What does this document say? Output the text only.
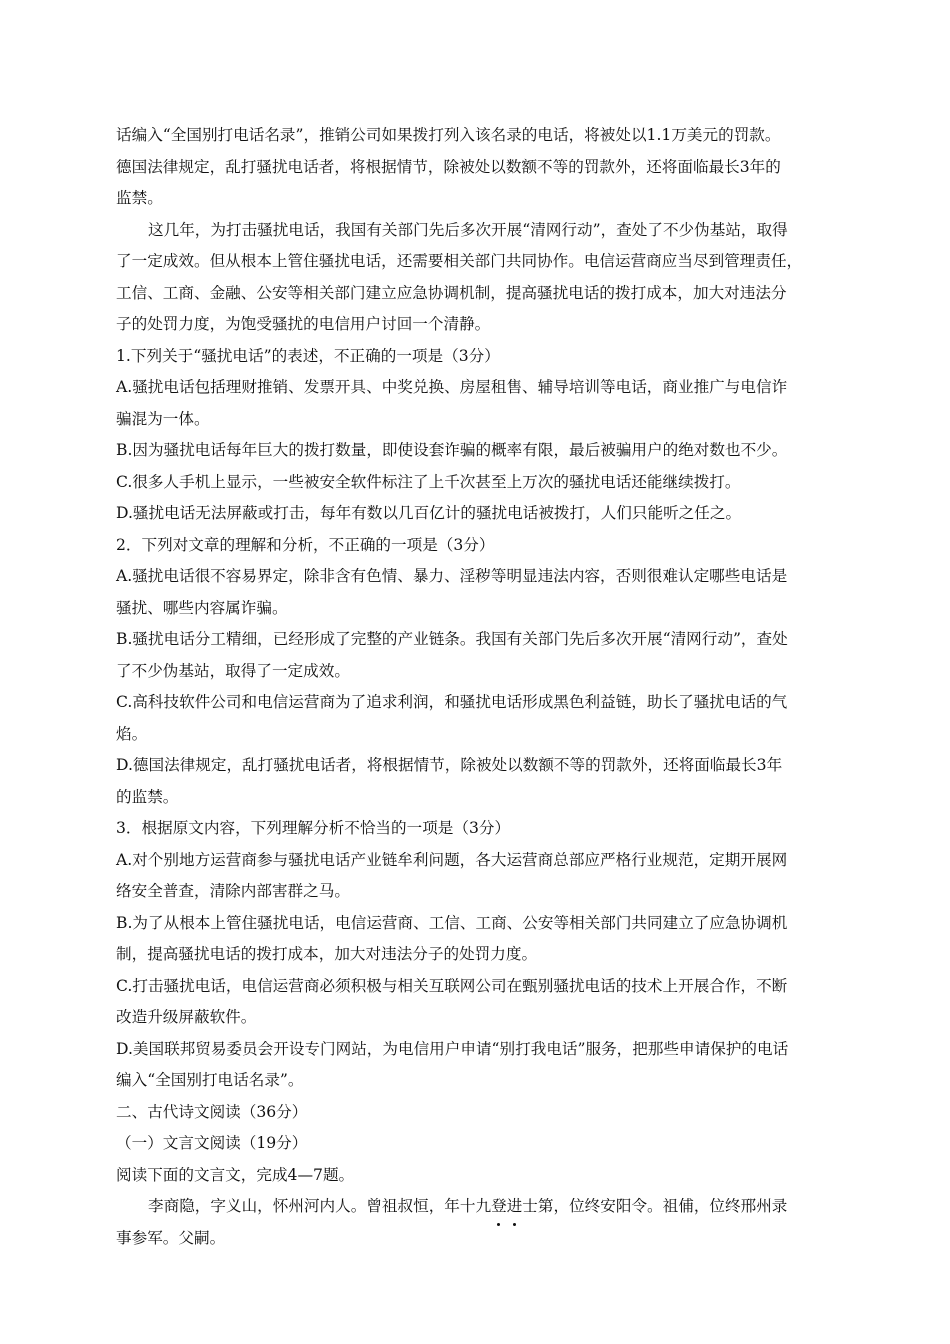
话编入“全国别打电话名录”，推销公司如果拨打列入该名录的电话，将被处以1.1万美元的罚款。
德国法律规定，乱打骚扰电话者，将根据情节，除被处以数额不等的罚款外，还将面临最长3年的
监禁。
这几年，为打击骚扰电话，我国有关部门先后多次开展“清网行动”，查处了不少伪基站，取得
了一定成效。但从根本上管住骚扰电话，还需要相关部门共同协作。电信运营商应当尽到管理责任，
工信、工商、金融、公安等相关部门建立应急协调机制，提高骚扰电话的拨打成本，加大对违法分
子的处罚力度，为饱受骚扰的电信用户讨回一个清静。
1.下列关于“骚扰电话”的表述，不正确的一项是（3分）
A.骚扰电话包括理财推销、发票开具、中奖兑换、房屋租售、辅导培训等电话，商业推广与电信诈
骗混为一体。
B.因为骚扰电话每年巨大的拨打数量，即使设套诈骗的概率有限，最后被骗用户的绝对数也不少。
C.很多人手机上显示，一些被安全软件标注了上千次甚至上万次的骚扰电话还能继续拨打。
D.骚扰电话无法屏蔽或打击，每年有数以几百亿计的骚扰电话被拨打，人们只能听之任之。
2．下列对文章的理解和分析，不正确的一项是（3分）
A.骚扰电话很不容易界定，除非含有色情、暴力、淫秽等明显违法内容，否则很难认定哪些电话是
骚扰、哪些内容属诈骗。
B.骚扰电话分工精细，已经形成了完整的产业链条。我国有关部门先后多次开展“清网行动”，查处
了不少伪基站，取得了一定成效。
C.高科技软件公司和电信运营商为了追求利润，和骚扰电话形成黑色利益链，助长了骚扰电话的气
焰。
D.德国法律规定，乱打骚扰电话者，将根据情节，除被处以数额不等的罚款外，还将面临最长3年
的监禁。
3．根据原文内容，下列理解分析不恰当的一项是（3分）
A.对个别地方运营商参与骚扰电话产业链牟利问题，各大运营商总部应严格行业规范，定期开展网
络安全普查，清除内部害群之马。
B.为了从根本上管住骚扰电话，电信运营商、工信、工商、公安等相关部门共同建立了应急协调机
制，提高骚扰电话的拨打成本，加大对违法分子的处罚力度。
C.打击骚扰电话，电信运营商必须积极与相关互联网公司在甄别骚扰电话的技术上开展合作，不断
改造升级屏蔽软件。
D.美国联邦贸易委员会开设专门网站，为电信用户申请“别打我电话”服务，把那些申请保护的电话
编入“全国别打电话名录”。
二、古代诗文阅读（36分）
（一）文言文阅读（19分）
阅读下面的文言文，完成4—7题。
李商隐，字义山，怀州河内人。曾祖叔恒，年十九登进士第，位终安阳令。祖俌，位终邢州录
事参军。父嗣。
